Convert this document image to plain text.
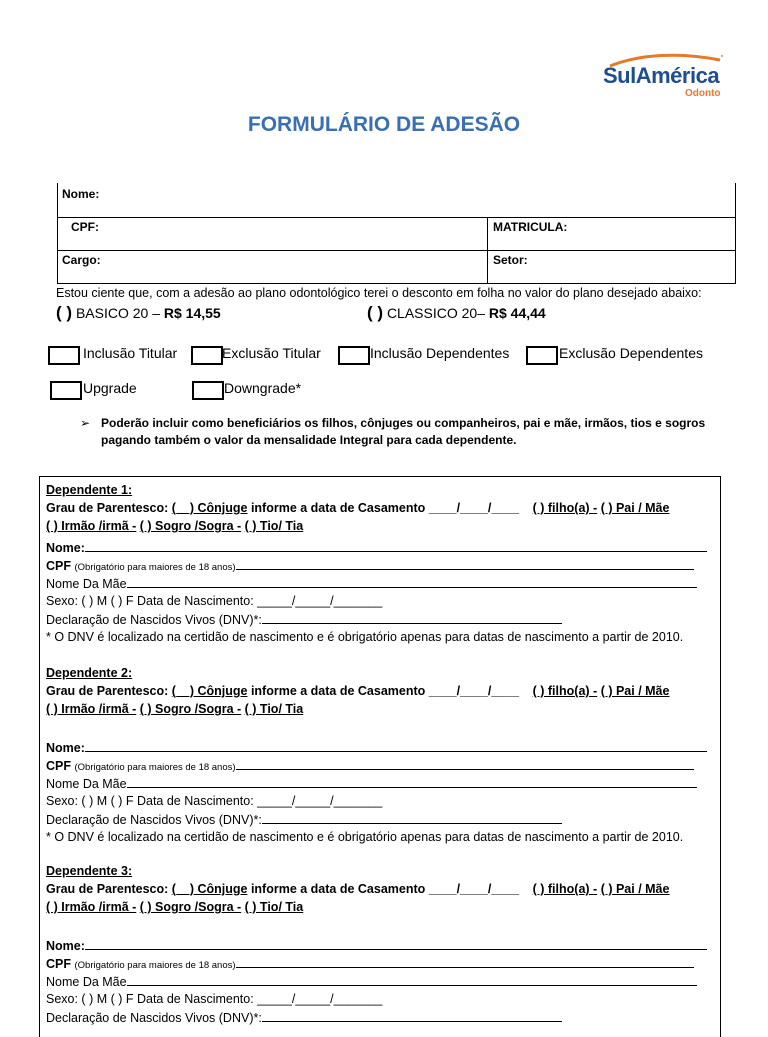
SulAmérica
Odonto
FORMULÁRIO DE ADESÃO
Nome:
CPF:	MATRICULA:
Cargo:	Setor:
Estou ciente que, com a adesão ao plano odontológico terei o desconto em folha no valor do plano desejado abaixo:
( ) BASICO 20 – R$ 14,55	( ) CLASSICO 20– R$ 44,44
Inclusão Titular	Exclusão Titular	Inclusão Dependentes	Exclusão Dependentes
Upgrade	Downgrade*
➢ Poderão incluir como beneficiários os filhos, cônjuges ou companheiros, pai e mãe, irmãos, tios e sogros pagando também o valor da mensalidade Integral para cada dependente.
Dependente 1:
Grau de Parentesco: (__) Cônjuge informe a data de Casamento ____/____/____ ( ) filho(a) - ( ) Pai / Mãe
( ) Irmão /irmã - ( ) Sogro /Sogra - ( ) Tio/ Tia
Nome:
CPF (Obrigatório para maiores de 18 anos)
Nome Da Mãe
Sexo: ( ) M ( ) F Data de Nascimento: _____/_____/_______
Declaração de Nascidos Vivos (DNV)*:
* O DNV é localizado na certidão de nascimento e é obrigatório apenas para datas de nascimento a partir de 2010.
Dependente 2:
Grau de Parentesco: (__) Cônjuge informe a data de Casamento ____/____/____ ( ) filho(a) - ( ) Pai / Mãe
( ) Irmão /irmã - ( ) Sogro /Sogra - ( ) Tio/ Tia
Nome:
CPF (Obrigatório para maiores de 18 anos)
Nome Da Mãe
Sexo: ( ) M ( ) F Data de Nascimento: _____/_____/_______
Declaração de Nascidos Vivos (DNV)*:
* O DNV é localizado na certidão de nascimento e é obrigatório apenas para datas de nascimento a partir de 2010.
Dependente 3:
Grau de Parentesco: (__) Cônjuge informe a data de Casamento ____/____/____ ( ) filho(a) - ( ) Pai / Mãe
( ) Irmão /irmã - ( ) Sogro /Sogra - ( ) Tio/ Tia
Nome:
CPF (Obrigatório para maiores de 18 anos)
Nome Da Mãe
Sexo: ( ) M ( ) F Data de Nascimento: _____/_____/_______
Declaração de Nascidos Vivos (DNV)*:
